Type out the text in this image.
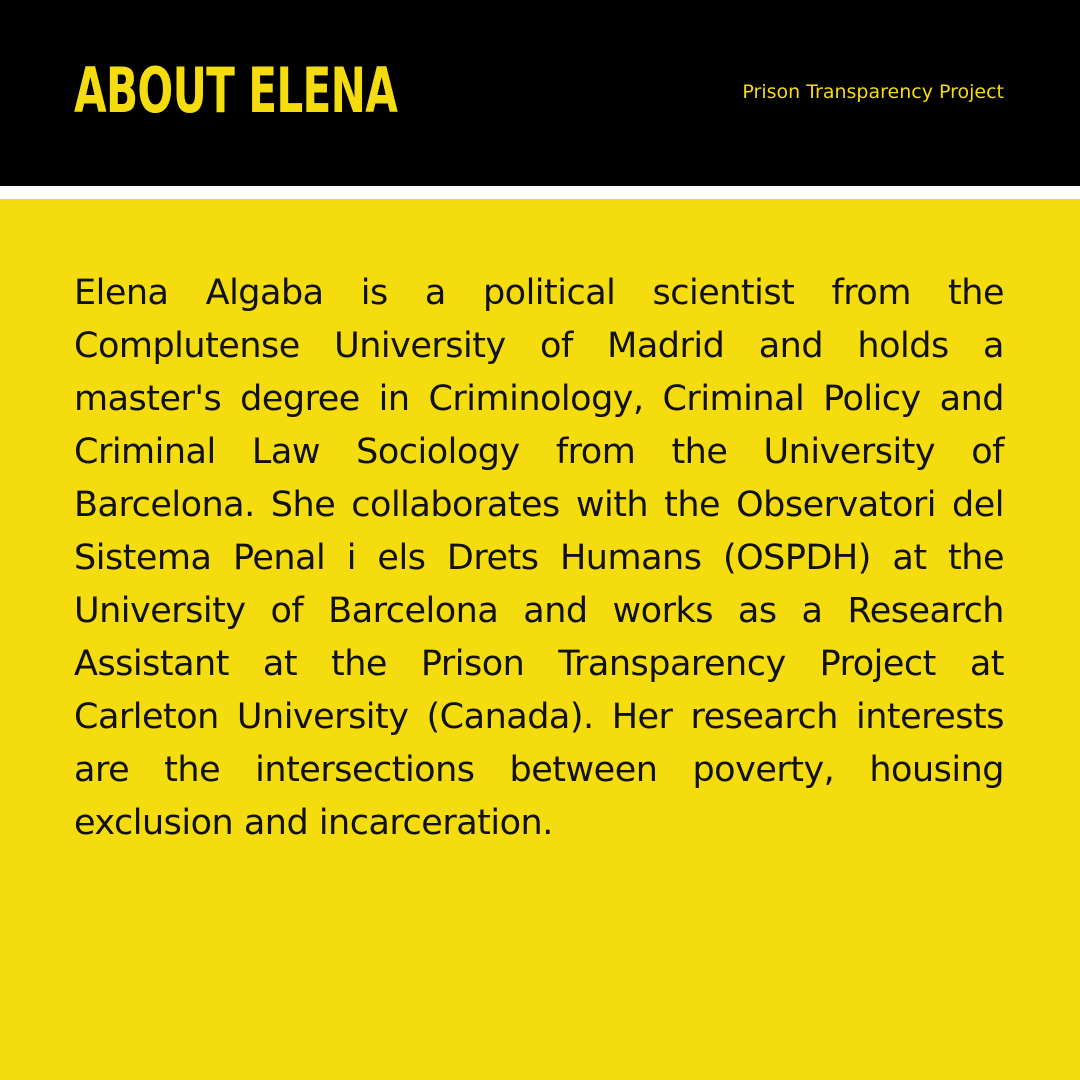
ABOUT ELENA	Prison Transparency Project

Elena Algaba is a political scientist from the Complutense University of Madrid and holds a master's degree in Criminology, Criminal Policy and Criminal Law Sociology from the University of Barcelona. She collaborates with the Observatori del Sistema Penal i els Drets Humans (OSPDH) at the University of Barcelona and works as a Research Assistant at the Prison Transparency Project at Carleton University (Canada). Her research interests are the intersections between poverty, housing exclusion and incarceration.
